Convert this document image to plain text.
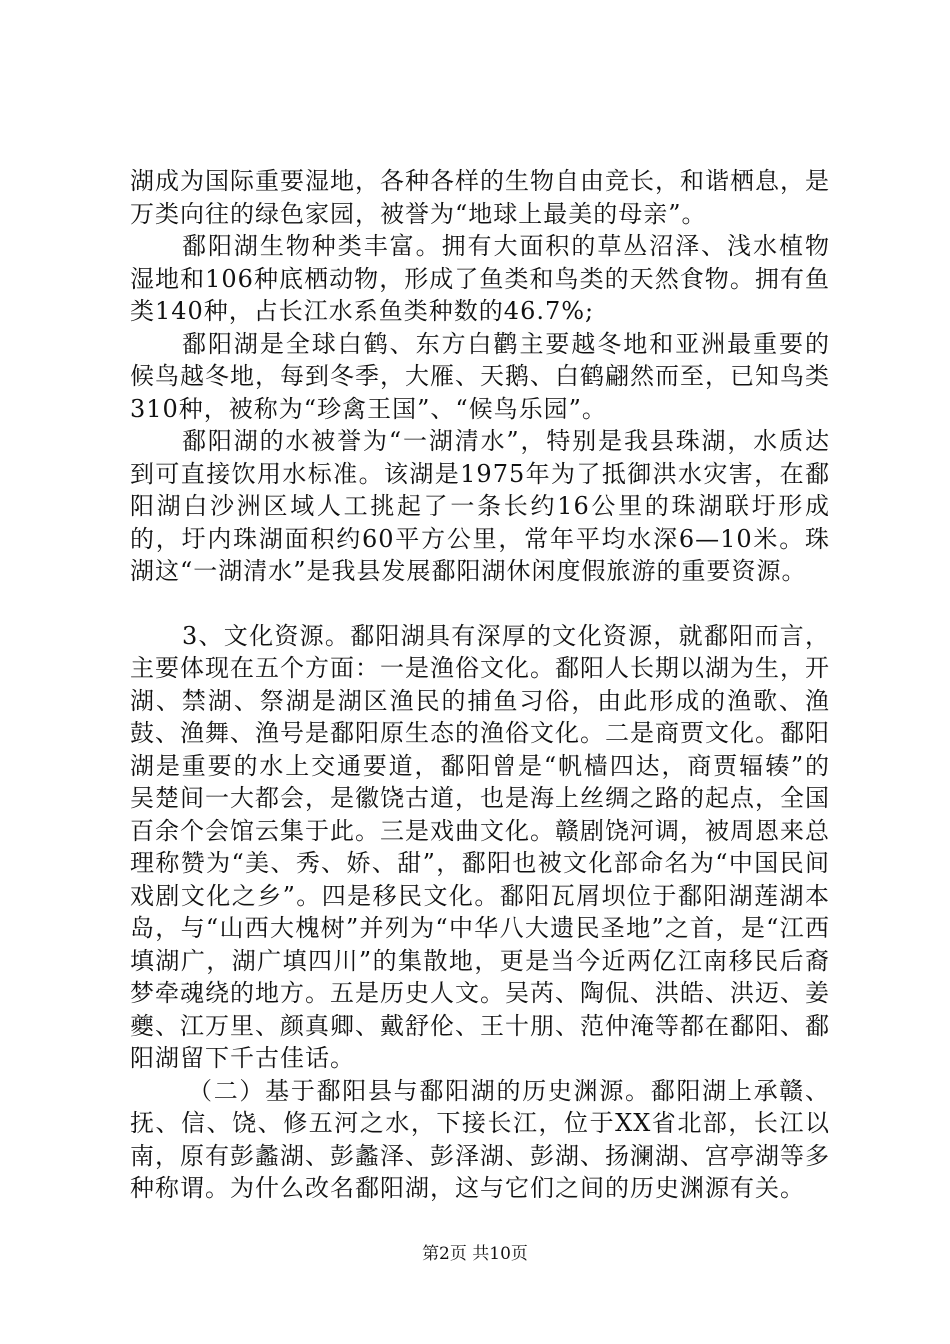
湖成为国际重要湿地，各种各样的生物自由竞长，和谐栖息，是万类向往的绿色家园，被誉为“地球上最美的母亲”。

鄱阳湖生物种类丰富。拥有大面积的草丛沼泽、浅水植物湿地和106种底栖动物，形成了鱼类和鸟类的天然食物。拥有鱼类140种，占长江水系鱼类种数的46.7%;

鄱阳湖是全球白鹤、东方白鹳主要越冬地和亚洲最重要的候鸟越冬地，每到冬季，大雁、天鹅、白鹤翩然而至，已知鸟类310种，被称为“珍禽王国”、“候鸟乐园”。

鄱阳湖的水被誉为“一湖清水”，特别是我县珠湖，水质达到可直接饮用水标准。该湖是1975年为了抵御洪水灾害，在鄱阳湖白沙洲区域人工挑起了一条长约16公里的珠湖联圩形成的，圩内珠湖面积约60平方公里，常年平均水深6—10米。珠湖这“一湖清水”是我县发展鄱阳湖休闲度假旅游的重要资源。

3、文化资源。鄱阳湖具有深厚的文化资源，就鄱阳而言，主要体现在五个方面：一是渔俗文化。鄱阳人长期以湖为生，开湖、禁湖、祭湖是湖区渔民的捕鱼习俗，由此形成的渔歌、渔鼓、渔舞、渔号是鄱阳原生态的渔俗文化。二是商贾文化。鄱阳湖是重要的水上交通要道，鄱阳曾是“帆樯四达，商贾辐辏”的吴楚间一大都会，是徽饶古道，也是海上丝绸之路的起点，全国百余个会馆云集于此。三是戏曲文化。赣剧饶河调，被周恩来总理称赞为“美、秀、娇、甜”，鄱阳也被文化部命名为“中国民间戏剧文化之乡”。四是移民文化。鄱阳瓦屑坝位于鄱阳湖莲湖本岛，与“山西大槐树”并列为“中华八大遗民圣地”之首，是“江西填湖广，湖广填四川”的集散地，更是当今近两亿江南移民后裔梦牵魂绕的地方。五是历史人文。吴芮、陶侃、洪皓、洪迈、姜夔、江万里、颜真卿、戴舒伦、王十朋、范仲淹等都在鄱阳、鄱阳湖留下千古佳话。

（二）基于鄱阳县与鄱阳湖的历史渊源。鄱阳湖上承赣、抚、信、饶、修五河之水，下接长江，位于XX省北部，长江以南，原有彭蠡湖、彭蠡泽、彭泽湖、彭湖、扬澜湖、宫亭湖等多种称谓。为什么改名鄱阳湖，这与它们之间的历史渊源有关。

第2页 共10页
